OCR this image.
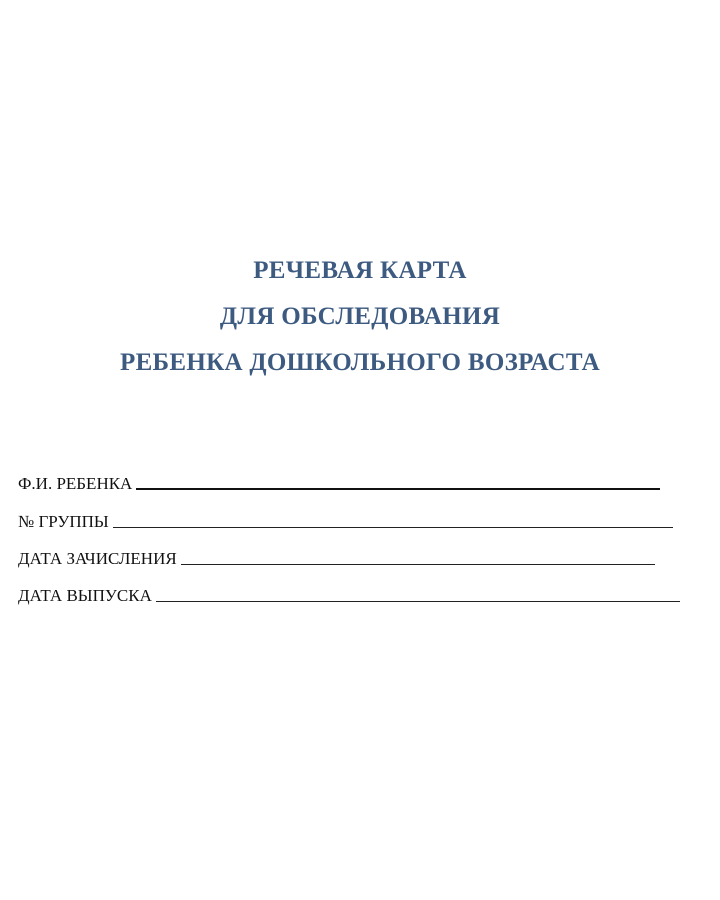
РЕЧЕВАЯ КАРТА
ДЛЯ ОБСЛЕДОВАНИЯ
РЕБЕНКА ДОШКОЛЬНОГО ВОЗРАСТА
Ф.И. РЕБЕНКА
№ ГРУППЫ
ДАТА ЗАЧИСЛЕНИЯ
ДАТА ВЫПУСКА
